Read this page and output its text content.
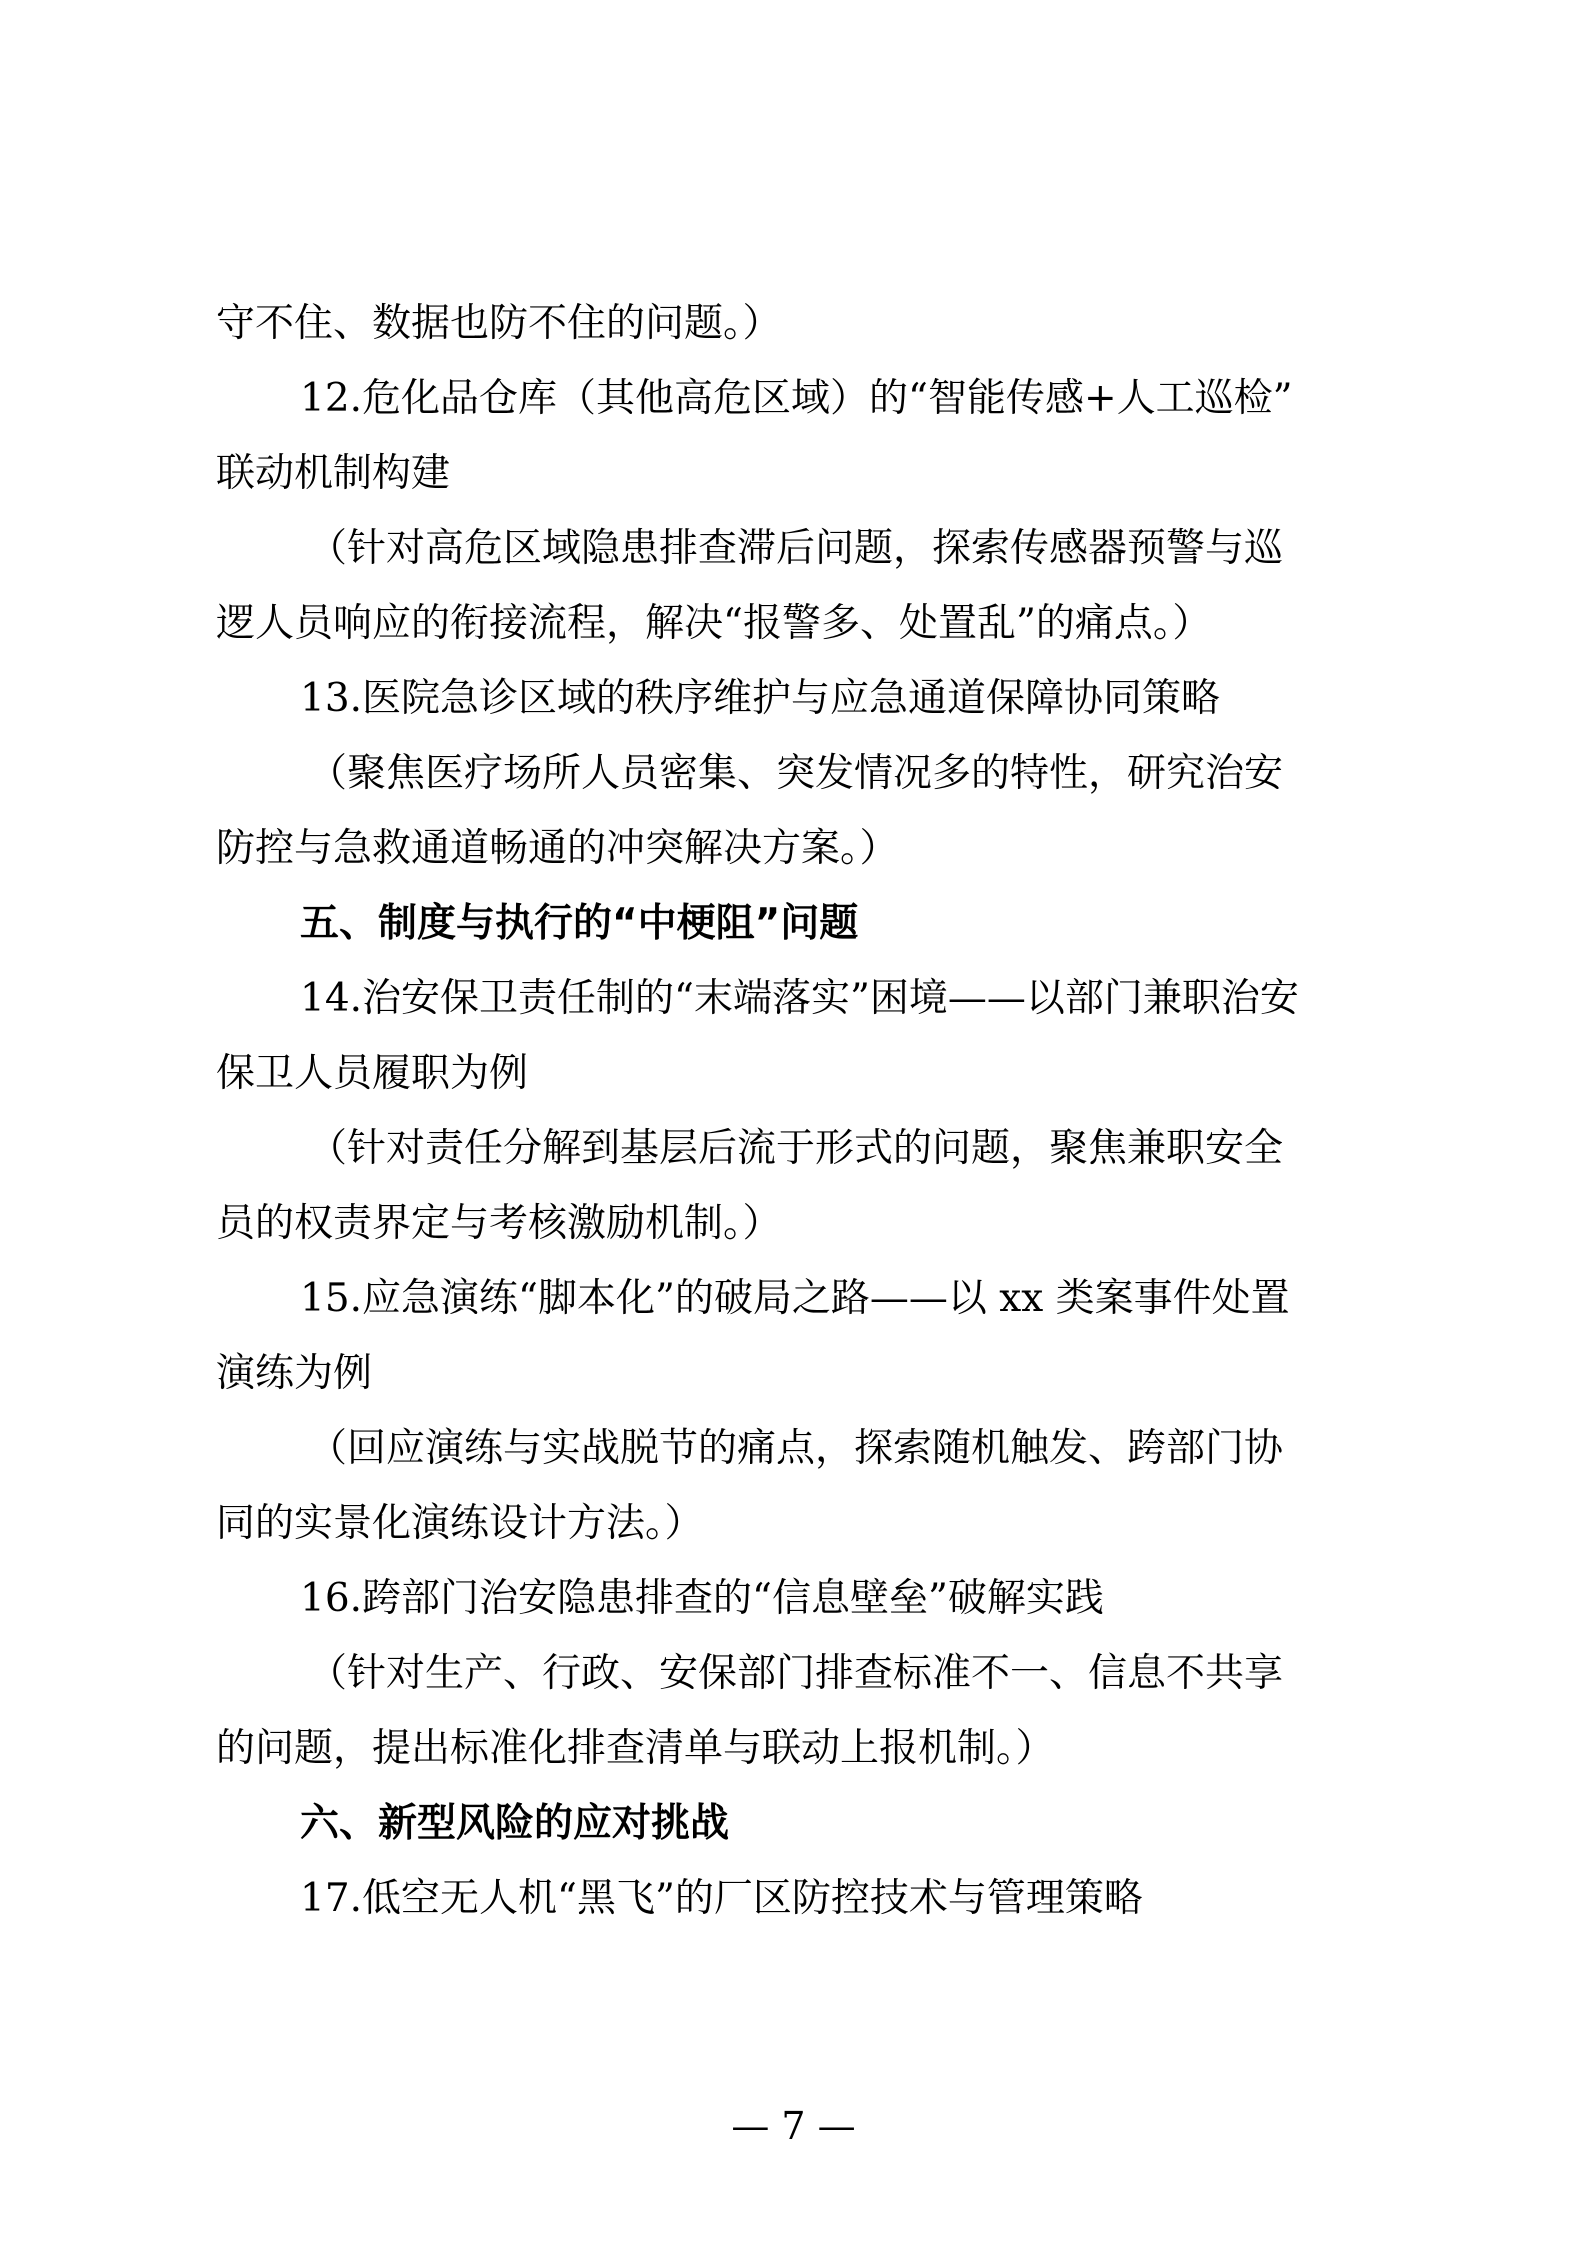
守不住、数据也防不住的问题。）
12.危化品仓库（其他高危区域）的“智能传感+人工巡检”
联动机制构建
（针对高危区域隐患排查滞后问题，探索传感器预警与巡
逻人员响应的衔接流程，解决“报警多、处置乱”的痛点。）
13.医院急诊区域的秩序维护与应急通道保障协同策略
（聚焦医疗场所人员密集、突发情况多的特性，研究治安
防控与急救通道畅通的冲突解决方案。）
五、制度与执行的“中梗阻”问题
14.治安保卫责任制的“末端落实”困境——以部门兼职治安
保卫人员履职为例
（针对责任分解到基层后流于形式的问题，聚焦兼职安全
员的权责界定与考核激励机制。）
15.应急演练“脚本化”的破局之路——以 xx 类案事件处置
演练为例
（回应演练与实战脱节的痛点，探索随机触发、跨部门协
同的实景化演练设计方法。）
16.跨部门治安隐患排查的“信息壁垒”破解实践
（针对生产、行政、安保部门排查标准不一、信息不共享
的问题，提出标准化排查清单与联动上报机制。）
六、新型风险的应对挑战
17.低空无人机“黑飞”的厂区防控技术与管理策略
— 7 —
